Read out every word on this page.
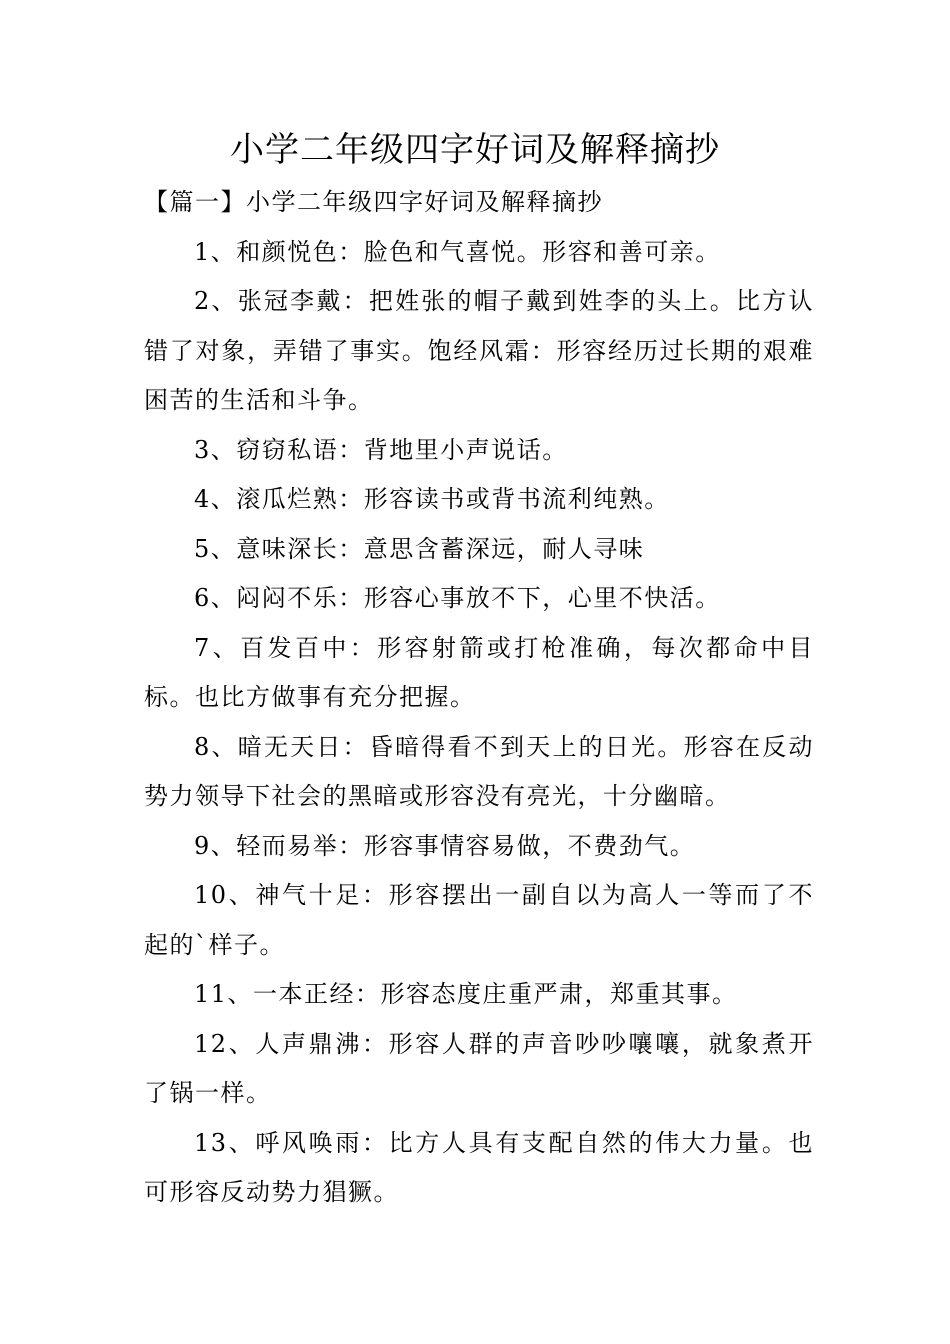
小学二年级四字好词及解释摘抄

【篇一】小学二年级四字好词及解释摘抄

1、和颜悦色：脸色和气喜悦。形容和善可亲。

2、张冠李戴：把姓张的帽子戴到姓李的头上。比方认错了对象，弄错了事实。饱经风霜：形容经历过长期的艰难困苦的生活和斗争。

3、窃窃私语：背地里小声说话。

4、滚瓜烂熟：形容读书或背书流利纯熟。

5、意味深长：意思含蓄深远，耐人寻味

6、闷闷不乐：形容心事放不下，心里不快活。

7、百发百中：形容射箭或打枪准确，每次都命中目标。也比方做事有充分把握。

8、暗无天日：昏暗得看不到天上的日光。形容在反动势力领导下社会的黑暗或形容没有亮光，十分幽暗。

9、轻而易举：形容事情容易做，不费劲气。

10、神气十足：形容摆出一副自以为高人一等而了不起的`样子。

11、一本正经：形容态度庄重严肃，郑重其事。

12、人声鼎沸：形容人群的声音吵吵嚷嚷，就象煮开了锅一样。

13、呼风唤雨：比方人具有支配自然的伟大力量。也可形容反动势力猖獗。
